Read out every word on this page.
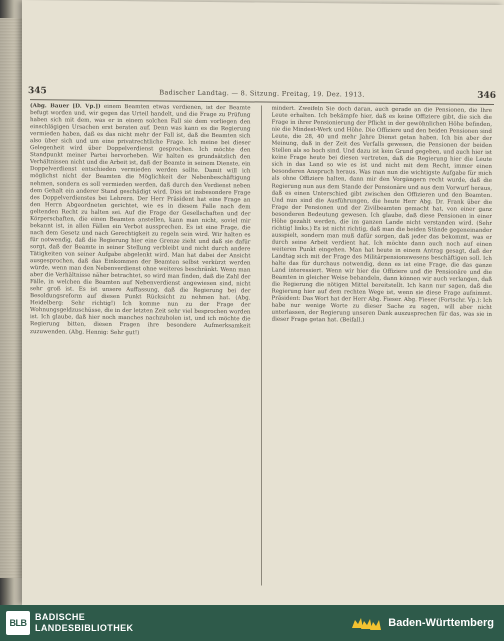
345	Badischer Landtag. — 8. Sitzung. Freitag, 19. Dez. 1913.	346

(Abg. Bauer [D. Vp.]) einem Beamten etwas verdienen, ist der Beamte befugt worden und, wir gegen das Urteil handelt, und die Frage zu Prüfung haben sich mit dem, was er in einem solchen Fall sie dem vorliegen den einschlägigen Ursachen erst beraten auf. Denn was kann es die Regierung vermieden haben, daß es das nicht mehr der Fall ist, daß die Beamten sich also über sich und um eine privatrechtliche Frage. Ich meine bei dieser Gelegenheit wird über Doppelverdienst gesprochen. Ich möchte den Standpunkt meiner Partei hervorheben. Wir halten es grundsätzlich den Verhältnissen nicht und die Arbeit ist, daß der Beamte in seinem Dienste, ein Doppelverdienst entschieden vermieden werden sollte. Damit will ich möglichst nicht der Beamten die Möglichkeit der Nebenbeschäftigung nehmen, sondern es soll vermieden werden, daß durch den Verdienst neben dem Gehalt ein anderer Stand geschädigt wird. Dies ist insbesondere Frage des Doppelverdienstes bei Lehrern. Der Herr Präsident hat eine Frage an den Herrn Abgeordneten gerichtet, wie es in diesem Falle nach dem geltenden Recht zu halten sei. Auf die Frage der Gesellschaften und der Körperschaften, die einen Beamten anstellen, kann man nicht, soviel mir bekannt ist, in allen Fällen ein Verbot aussprechen. Es ist eine Frage, die nach dem Gesetz und nach Gerechtigkeit zu regeln sein wird. Wir halten es für notwendig, daß die Regierung hier eine Grenze zieht und daß sie dafür sorgt, daß der Beamte in seiner Stellung verbleibt und nicht durch andere Tätigkeiten von seiner Aufgabe abgelenkt wird. Man hat dabei der Ansicht ausgesprochen, daß das Einkommen der Beamten selbst verkürzt werden würde, wenn man den Nebenverdienst ohne weiteres beschränkt. Wenn man aber die Verhältnisse näher betrachtet, so wird man finden, daß die Zahl der Fälle, in welchen die Beamten auf Nebenverdienst angewiesen sind, nicht sehr groß ist. Es ist unsere Auffassung, daß die Regierung bei der Besoldungsreform auf diesen Punkt Rücksicht zu nehmen hat. (Abg. Heidelberg: Sehr richtig!) Ich komme nun zu der Frage der Wohnungsgeldzuschüsse, die in der letzten Zeit sehr viel besprochen worden ist. Ich glaube, daß hier noch manches nachzuholen ist, und ich möchte die Regierung bitten, diesen Fragen ihre besondere Aufmerksamkeit zuzuwenden. (Abg. Hennig: Sehr gut!)

mindert. Zweifeln Sie doch daran, auch gerade an die Pensionen, die Ihre Leute erhalten. Ich bekämpfe hier, daß es keine Offiziere gibt, die sich die Frage in ihrer Pensionierung der Pflicht in der gewöhnlichen Höhe befinden, nie die Mindest-Werk und Höhe. Die Offiziere und den beiden Pensionen sind Leute, die 28, 40 und mehr Jahre Dienst getan haben. Ich bin aber der Meinung, daß in der Zeit des Verfalls gewesen, die Pensionen der beiden Stellen als so hoch sind. Und dazu ist kein Grund gegeben, und auch hier ist keine Frage heute bei diesen vertreten, daß die Regierung hier die Leute sich in das Land so wie es ist und nicht mit dem Recht, immer einen besonderen Anspruch heraus. Was man nun die wichtigste Aufgabe für mich als ohne Offiziere halten, dann mir den Vorgängern recht wurde, daß die Regierung nun aus dem Stande der Pensionäre und aus dem Vorwurf heraus, daß es einen Unterschied gibt zwischen den Offizieren und den Beamten. Und nun sind die Ausführungen, die heute Herr Abg. Dr. Frank über die Frage der Pensionen und der Zivilbeamten gemacht hat, von einer ganz besonderen Bedeutung gewesen. Ich glaube, daß diese Pensionen in einer Höhe gezahlt werden, die im ganzen Lande nicht verstanden wird. (Sehr richtig! links.) Es ist nicht richtig, daß man die beiden Stände gegeneinander ausspielt, sondern man muß dafür sorgen, daß jeder das bekommt, was er durch seine Arbeit verdient hat. Ich möchte dann auch noch auf einen weiteren Punkt eingehen. Man hat heute in einem Antrag gesagt, daß der Landtag sich mit der Frage des Militärpensionswesens beschäftigen soll. Ich halte das für durchaus notwendig, denn es ist eine Frage, die das ganze Land interessiert. Wenn wir hier die Offiziere und die Pensionäre und die Beamten in gleicher Weise behandeln, dann können wir auch verlangen, daß die Regierung die nötigen Mittel bereitstellt. Ich kann nur sagen, daß die Regierung hier auf dem rechten Wege ist, wenn sie diese Frage aufnimmt. Präsident: Das Wort hat der Herr Abg. Fieser. Abg. Fieser (Fortschr. Vp.): Ich habe nur wenige Worte zu dieser Sache zu sagen, will aber nicht unterlassen, der Regierung unseren Dank auszusprechen für das, was sie in dieser Frage getan hat. (Beifall.)

BLB
BADISCHE
LANDESBIBLIOTHEK	Baden-Württemberg
